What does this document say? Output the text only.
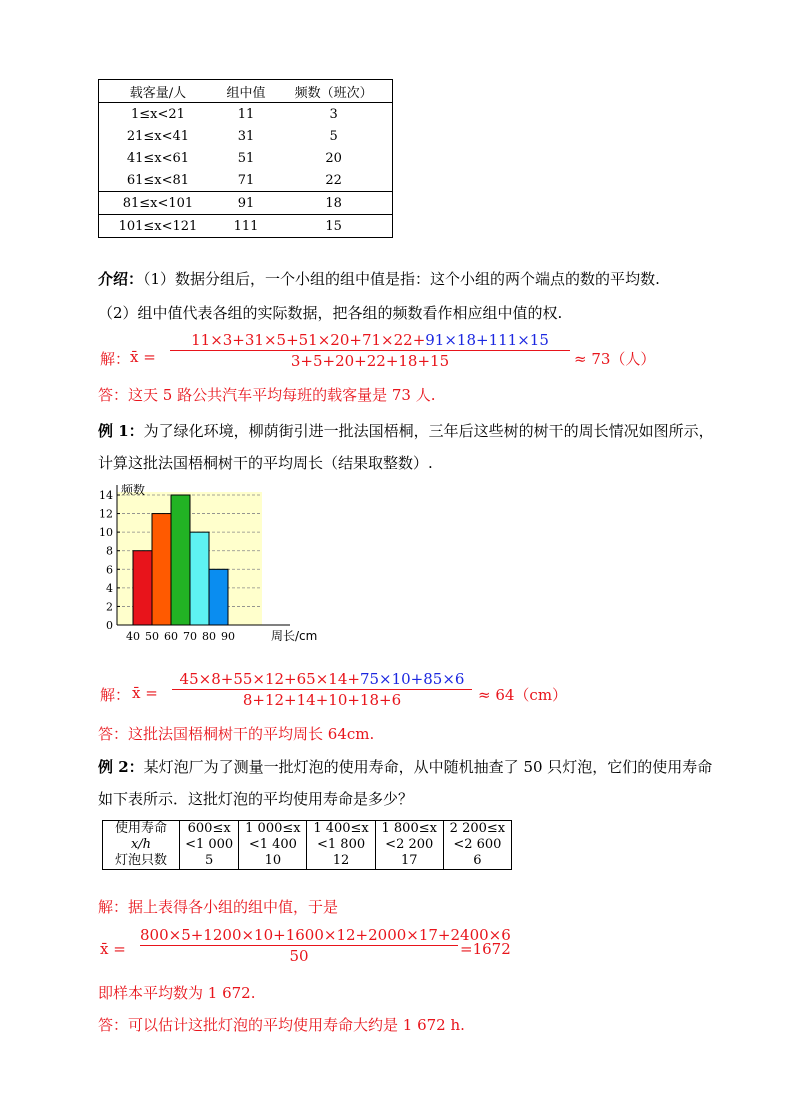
载客量/人	组中值	频数（班次）
1≤x<21	11	3
21≤x<41	31	5
41≤x<61	51	20
61≤x<81	71	22
81≤x<101	91	18
101≤x<121	111	15
介绍：（1）数据分组后，一个小组的组中值是指：这个小组的两个端点的数的平均数.
（2）组中值代表各组的实际数据，把各组的频数看作相应组中值的权.
解： x̄ =
11×3+31×5+51×20+71×22+91×18+111×15
3+5+20+22+18+15	≈ 73（人）
答：这天 5 路公共汽车平均每班的载客量是 73 人.
例 1：为了绿化环境，柳荫街引进一批法国梧桐，三年后这些树的树干的周长情况如图所示，
计算这批法国梧桐树干的平均周长（结果取整数）.
0
2
4
6
8
10
12
14
40 50 60 70 80 90
频数
周长/cm
解： x̄ =
45×8+55×12+65×14+75×10+85×6
8+12+14+10+18+6	≈ 64（cm）
答：这批法国梧桐树干的平均周长 64cm.
例 2：某灯泡厂为了测量一批灯泡的使用寿命，从中随机抽查了 50 只灯泡，它们的使用寿命
如下表所示．这批灯泡的平均使用寿命是多少？
使用寿命	600≤x	1 000≤x	1 400≤x	1 800≤x	2 200≤x
x/h	<1 000	<1 400	<1 800	<2 200	<2 600
灯泡只数	5	10	12	17	6
解：据上表得各小组的组中值，于是
x̄ =
800×5+1200×10+1600×12+2000×17+2400×6
50	=1672
即样本平均数为 1 672.
答：可以估计这批灯泡的平均使用寿命大约是 1 672 h.
